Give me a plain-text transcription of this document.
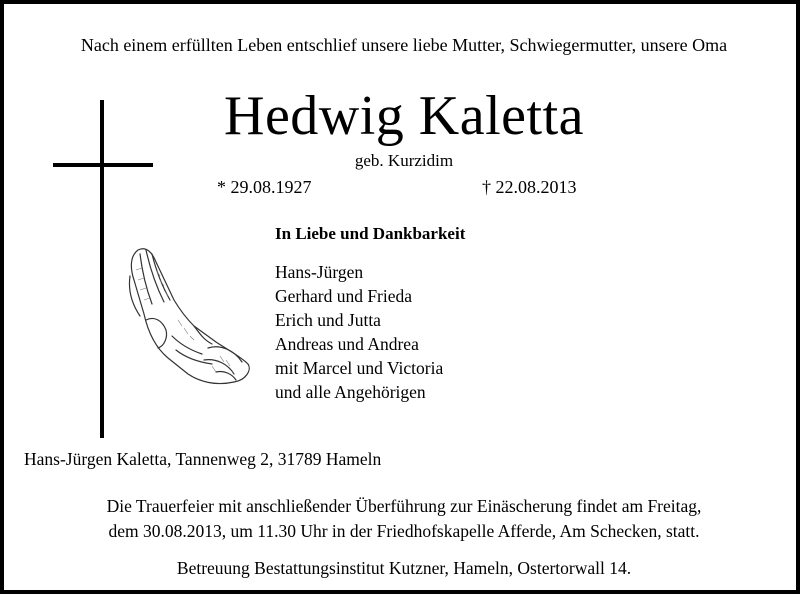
Nach einem erfüllten Leben entschlief unsere liebe Mutter, Schwiegermutter, unsere Oma
Hedwig Kaletta
geb. Kurzidim
* 29.08.1927	† 22.08.2013
In Liebe und Dankbarkeit
Hans-Jürgen
Gerhard und Frieda
Erich und Jutta
Andreas und Andrea
mit Marcel und Victoria
und alle Angehörigen
Hans-Jürgen Kaletta, Tannenweg 2, 31789 Hameln
Die Trauerfeier mit anschließender Überführung zur Einäscherung findet am Freitag,
dem 30.08.2013, um 11.30 Uhr in der Friedhofskapelle Afferde, Am Schecken, statt.
Betreuung Bestattungsinstitut Kutzner, Hameln, Ostertorwall 14.
